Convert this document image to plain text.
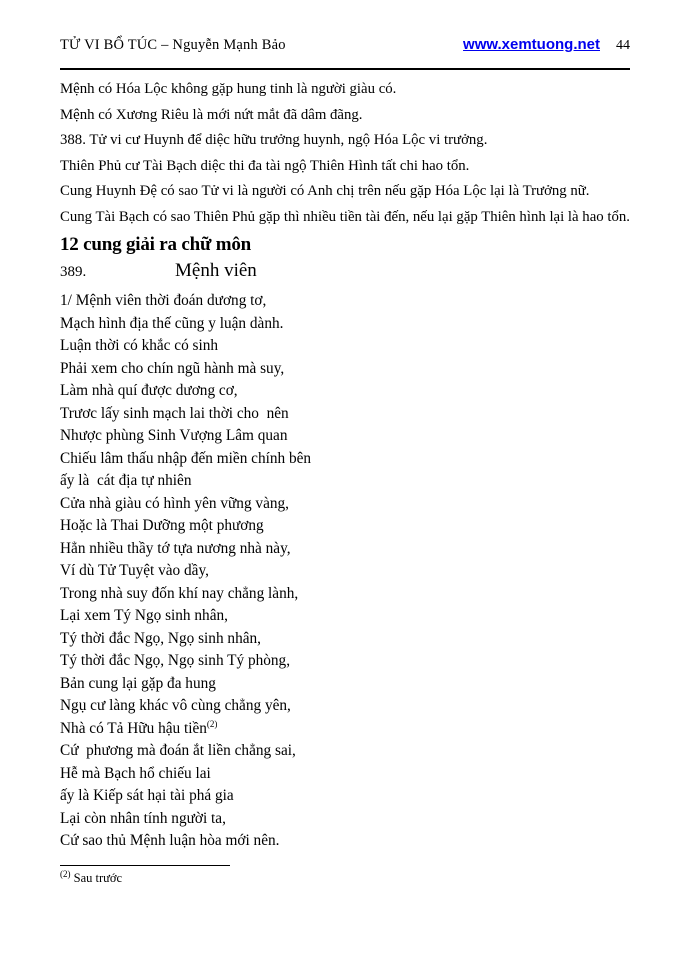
TỬ VI BỔ TÚC – Nguyễn Mạnh Bảo	www.xemtuong.net 44

Mệnh có Hóa Lộc không gặp hung tinh là người giàu có.

Mệnh có Xương Riêu là mới nứt mắt đã dâm đãng.

388. Tử vi cư Huynh để diệc hữu trưởng huynh, ngộ Hóa Lộc vi trưởng.

Thiên Phủ cư Tài Bạch diệc thi đa tài ngộ Thiên Hình tất chi hao tổn.

Cung Huynh Đệ có sao Tử vi là người có Anh chị trên nếu gặp Hóa Lộc lại là Trưởng nữ.

Cung Tài Bạch có sao Thiên Phủ gặp thì nhiều tiền tài đến, nếu lại gặp Thiên hình lại là hao tổn.

12 cung giải ra chữ môn
389.	Mệnh viên

1/ Mệnh viên thời đoán dương tơ,

Mạch hình địa thế cũng y luận dành.

Luận thời có khắc có sinh

Phải xem cho chín ngũ hành mà suy,

Làm nhà quí được dương cơ,

Trươc lấy sinh mạch lai thời cho  nên

Nhược phùng Sinh Vượng Lâm quan

Chiếu lâm thấu nhập đến miền chính bên

ấy là  cát địa tự nhiên

Cửa nhà giàu có hình yên vững vàng,

Hoặc là Thai Dưỡng một phương

Hẳn nhiều thầy tớ tựa nương nhà này,

Ví dù Tử Tuyệt vào dầy,

Trong nhà suy đốn khí nay chẳng lành,

Lại xem Tý Ngọ sinh nhân,

Tý thời đắc Ngọ, Ngọ sinh nhân,

Tý thời đắc Ngọ, Ngọ sinh Tý phòng,

Bản cung lại gặp đa hung

Ngụ cư làng khác vô cùng chẳng yên,

Nhà có Tả Hữu hậu tiền$^{(2)}$

Cứ  phương mà đoán ắt liền chẳng sai,

Hễ mà Bạch hổ chiếu lai

ấy là Kiếp sát hại tài phá gia

Lại còn nhân tính người ta,

Cứ sao thủ Mệnh luận hòa mới nên.

$^{(2)}$ Sau trước
